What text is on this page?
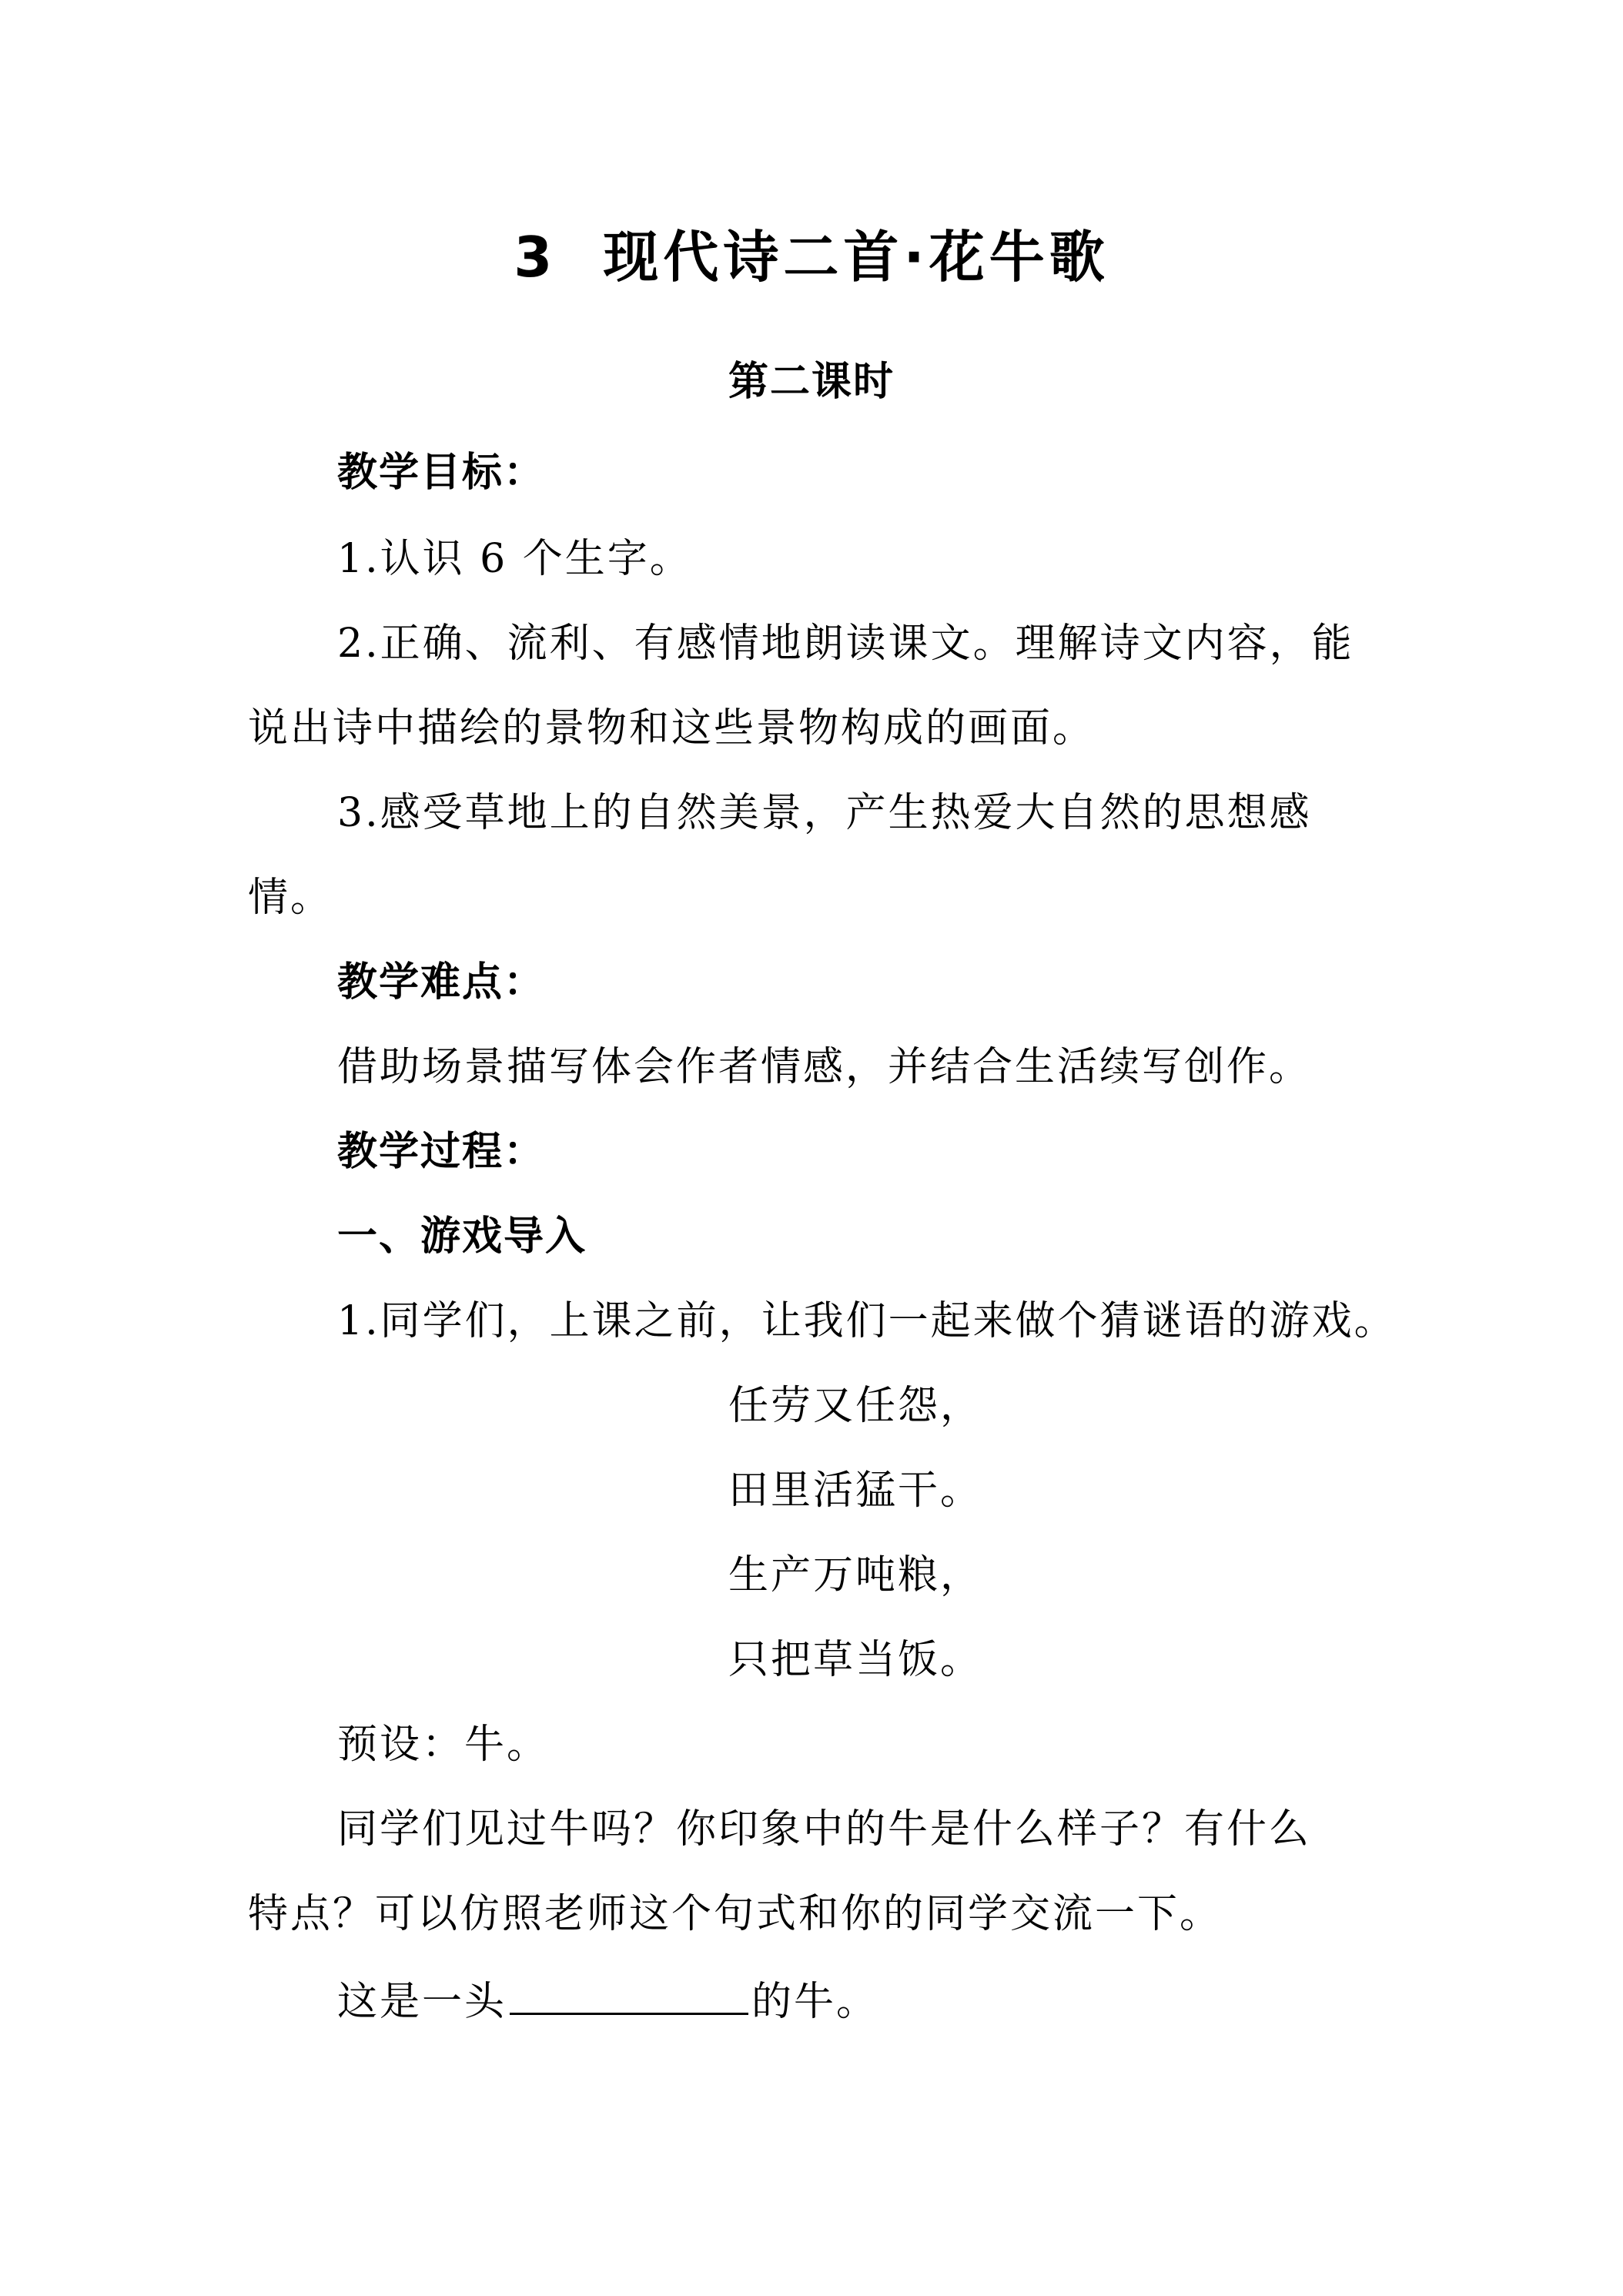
3 现代诗二首·花牛歌
第二课时
教学目标：
1.认识 6 个生字。
2.正确、流利、有感情地朗读课文。理解诗文内容，能
说出诗中描绘的景物和这些景物构成的画面。
3.感受草地上的自然美景，产生热爱大自然的思想感
情。
教学难点：
借助场景描写体会作者情感，并结合生活续写创作。
教学过程：
一、游戏导入
1.同学们，上课之前，让我们一起来做个猜谜语的游戏。
任劳又任怨，
田里活猛干。
生产万吨粮，
只把草当饭。
预设：牛。
同学们见过牛吗？你印象中的牛是什么样子？有什么
特点？可以仿照老师这个句式和你的同学交流一下。
这是一头	的牛。
